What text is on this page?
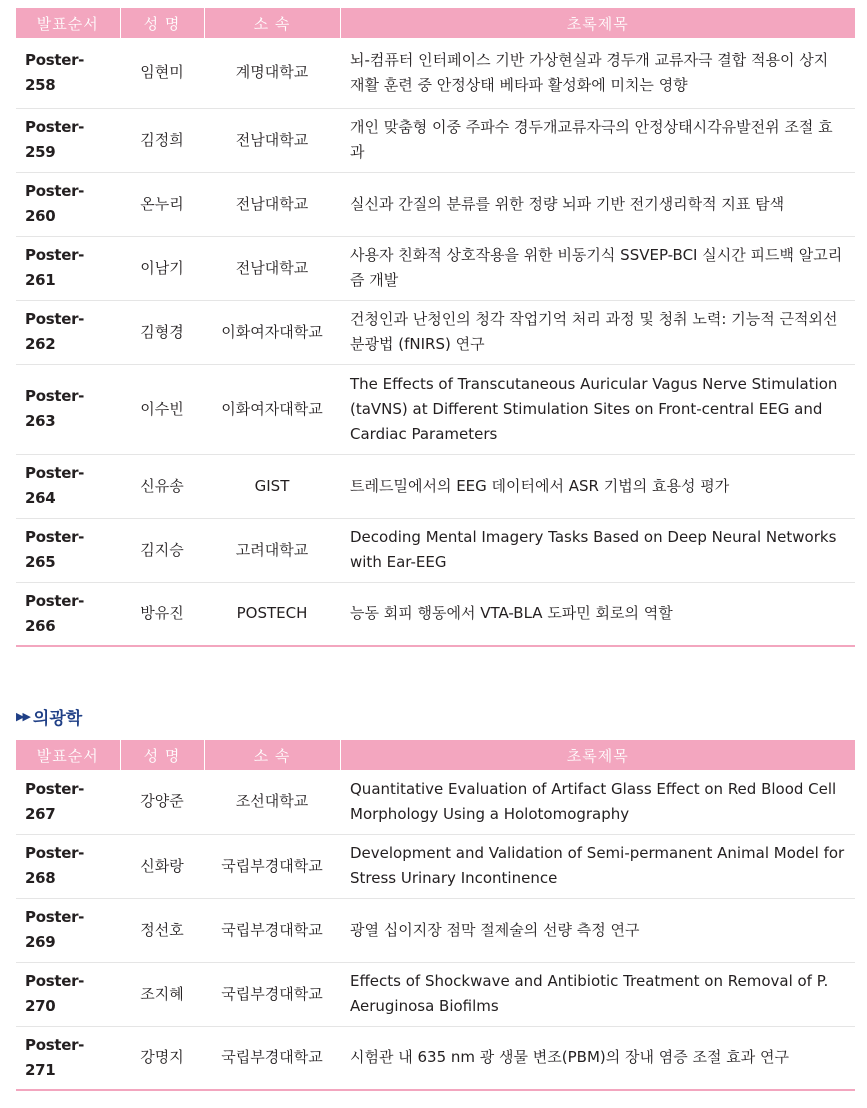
발표순서	성 명	소 속	초록제목
Poster-258	임현미	계명대학교	뇌-컴퓨터 인터페이스 기반 가상현실과 경두개 교류자극 결합 적용이 상지 재활 훈련 중 안정상태 베타파 활성화에 미치는 영향
Poster-259	김정희	전남대학교	개인 맞춤형 이중 주파수 경두개교류자극의 안정상태시각유발전위 조절 효과
Poster-260	온누리	전남대학교	실신과 간질의 분류를 위한 정량 뇌파 기반 전기생리학적 지표 탐색
Poster-261	이남기	전남대학교	사용자 친화적 상호작용을 위한 비동기식 SSVEP-BCI 실시간 피드백 알고리즘 개발
Poster-262	김형경	이화여자대학교	건청인과 난청인의 청각 작업기억 처리 과정 및 청취 노력: 기능적 근적외선 분광법 (fNIRS) 연구
Poster-263	이수빈	이화여자대학교	The Effects of Transcutaneous Auricular Vagus Nerve Stimulation (taVNS) at Different Stimulation Sites on Front-central EEG and Cardiac Parameters
Poster-264	신유송	GIST	트레드밀에서의 EEG 데이터에서 ASR 기법의 효용성 평가
Poster-265	김지승	고려대학교	Decoding Mental Imagery Tasks Based on Deep Neural Networks with Ear-EEG
Poster-266	방유진	POSTECH	능동 회피 행동에서 VTA-BLA 도파민 회로의 역할
▶▶ 의광학
발표순서	성 명	소 속	초록제목
Poster-267	강양준	조선대학교	Quantitative Evaluation of Artifact Glass Effect on Red Blood Cell Morphology Using a Holotomography
Poster-268	신화랑	국립부경대학교	Development and Validation of Semi-permanent Animal Model for Stress Urinary Incontinence
Poster-269	정선호	국립부경대학교	광열 십이지장 점막 절제술의 선량 측정 연구
Poster-270	조지혜	국립부경대학교	Effects of Shockwave and Antibiotic Treatment on Removal of P. Aeruginosa Biofilms
Poster-271	강명지	국립부경대학교	시험관 내 635 nm 광 생물 변조(PBM)의 장내 염증 조절 효과 연구
